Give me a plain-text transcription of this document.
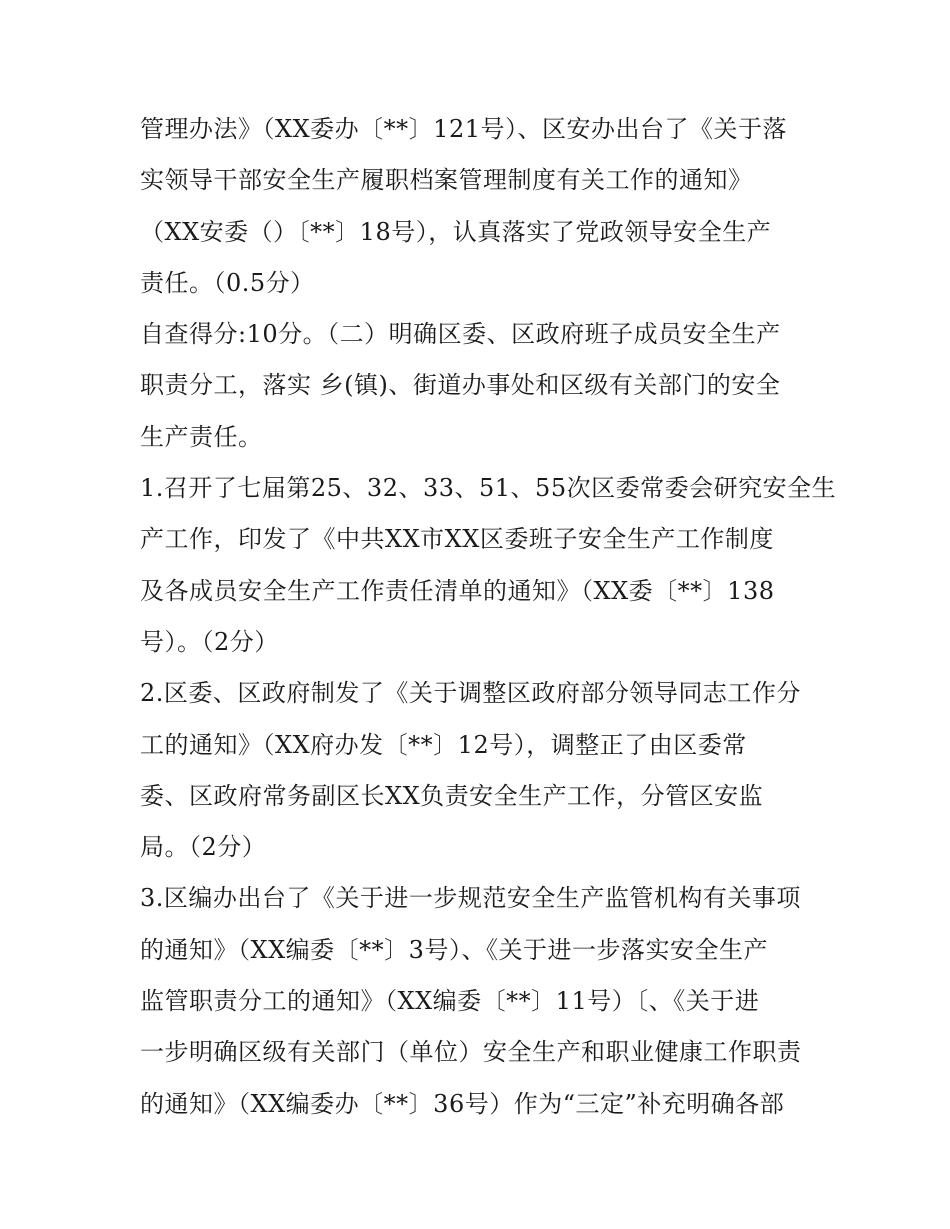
管理办法》（XX委办〔**〕121号）、区安办出台了《关于落
实领导干部安全生产履职档案管理制度有关工作的通知》
（XX安委（）〔**〕18号），认真落实了党政领导安全生产
责任。（0.5分）
自查得分:10分。（二）明确区委、区政府班子成员安全生产
职责分工，落实 乡(镇)、街道办事处和区级有关部门的安全
生产责任。
1.召开了七届第25、32、33、51、55次区委常委会研究安全生
产工作，印发了《中共XX市XX区委班子安全生产工作制度
及各成员安全生产工作责任清单的通知》（XX委〔**〕138
号）。（2分）
2.区委、区政府制发了《关于调整区政府部分领导同志工作分
工的通知》（XX府办发〔**〕12号），调整正了由区委常
委、区政府常务副区长XX负责安全生产工作，分管区安监
局。（2分）
3.区编办出台了《关于进一步规范安全生产监管机构有关事项
的通知》（XX编委〔**〕3号）、《关于进一步落实安全生产
监管职责分工的通知》（XX编委〔**〕11号）〔、《关于进
一步明确区级有关部门（单位）安全生产和职业健康工作职责
的通知》（XX编委办〔**〕36号）作为“三定”补充明确各部
